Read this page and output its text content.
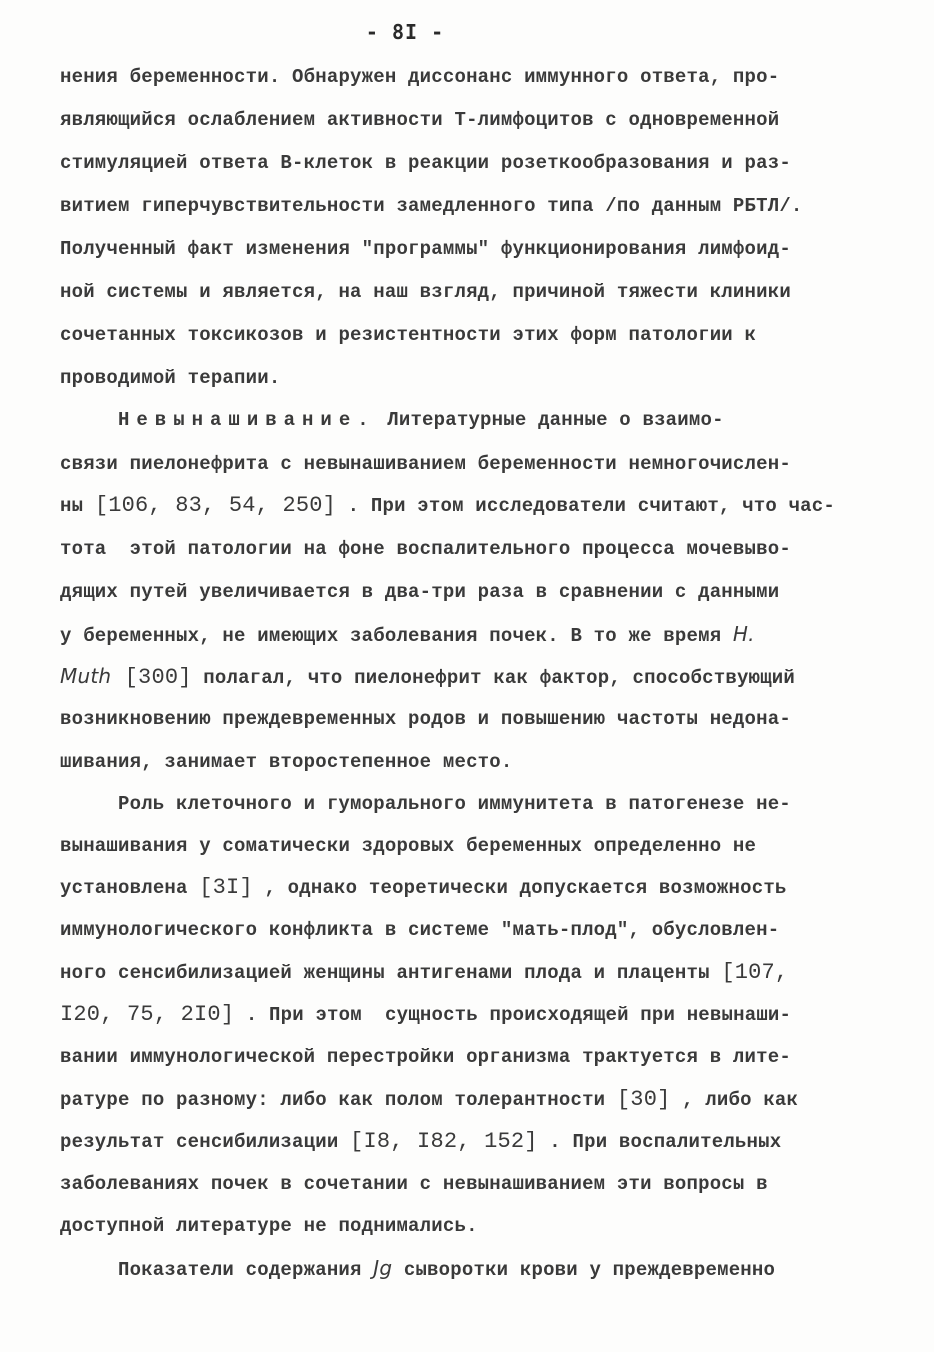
- 8I -
нения беременности. Обнаружен диссонанс иммунного ответа, про-
являющийся ослаблением активности Т-лимфоцитов с одновременной
стимуляцией ответа В-клеток в реакции розеткообразования и раз-
витием гиперчувствительности замедленного типа /по данным РБТЛ/.
Полученный факт изменения "программы" функционирования лимфоид-
ной системы и является, на наш взгляд, причиной тяжести клиники
сочетанных токсикозов и резистентности этих форм патологии к
проводимой терапии.
Невынашивание. Литературные данные о взаимо-
связи пиелонефрита с невынашиванием беременности немногочислен-
ны [106, 83, 54, 250] . При этом исследователи считают, что час-
тота  этой патологии на фоне воспалительного процесса мочевыво-
дящих путей увеличивается в два-три раза в сравнении с данными
у беременных, не имеющих заболевания почек. В то же время H.
Muth [300] полагал, что пиелонефрит как фактор, способствующий
возникновению преждевременных родов и повышению частоты недона-
шивания, занимает второстепенное место.
Роль клеточного и гуморального иммунитета в патогенезе не-
вынашивания у соматически здоровых беременных определенно не
установлена [3I] , однако теоретически допускается возможность
иммунологического конфликта в системе "мать-плод", обусловлен-
ного сенсибилизацией женщины антигенами плода и плаценты [107,
I20, 75, 2I0] . При этом  сущность происходящей при невынаши-
вании иммунологической перестройки организма трактуется в лите-
ратуре по разному: либо как полом толерантности [30] , либо как
результат сенсибилизации [I8, I82, 152] . При воспалительных
заболеваниях почек в сочетании с невынашиванием эти вопросы в
доступной литературе не поднимались.
Показатели содержания Jg сыворотки крови у преждевременно
